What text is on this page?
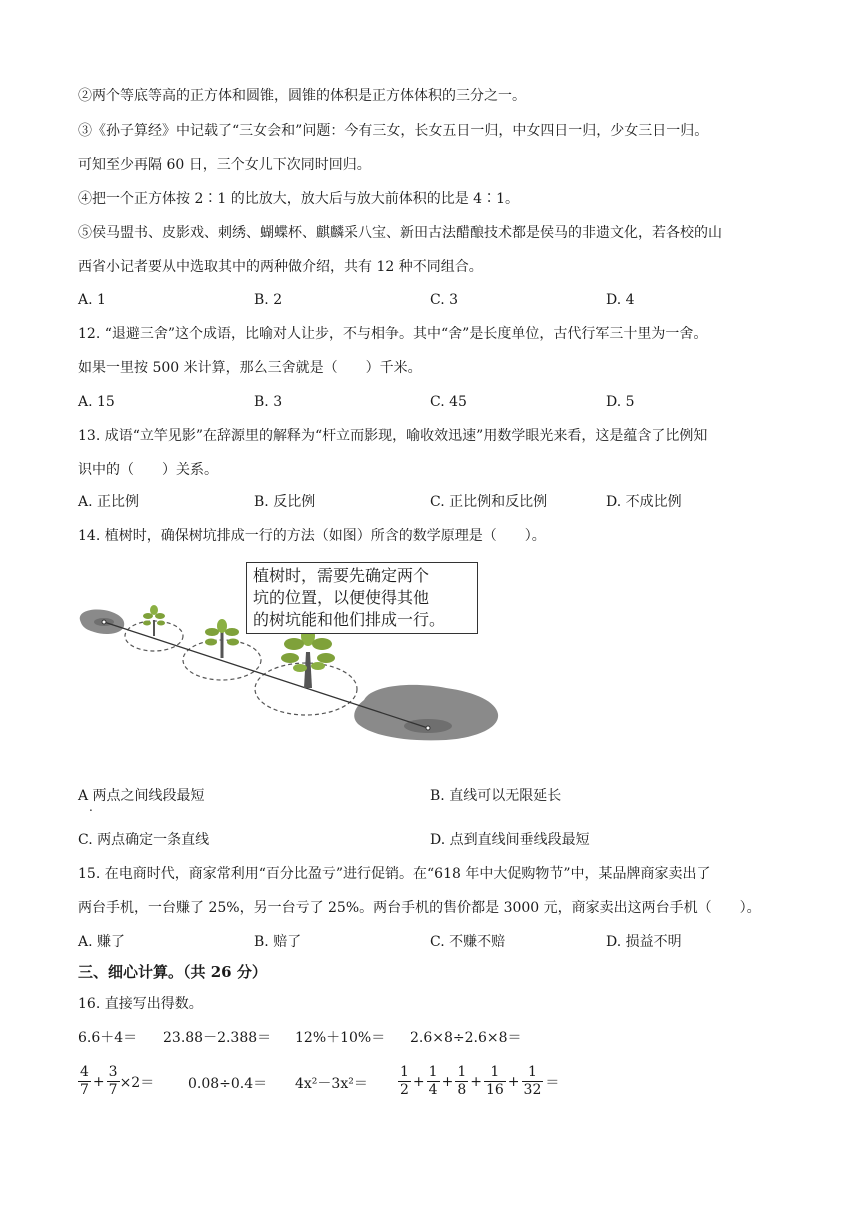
②两个等底等高的正方体和圆锥，圆锥的体积是正方体体积的三分之一。
③《孙子算经》中记载了“三女会和”问题：今有三女，长女五日一归，中女四日一归，少女三日一归。
可知至少再隔 60 日，三个女儿下次同时回归。
④把一个正方体按 2∶1 的比放大，放大后与放大前体积的比是 4∶1。
⑤侯马盟书、皮影戏、刺绣、蝴蝶杯、麒麟采八宝、新田古法醋酿技术都是侯马的非遗文化，若各校的山
西省小记者要从中选取其中的两种做介绍，共有 12 种不同组合。
A. 1	B. 2	C. 3	D. 4
12. “退避三舍”这个成语，比喻对人让步，不与相争。其中“舍”是长度单位，古代行军三十里为一舍。
如果一里按 500 米计算，那么三舍就是（　　）千米。
A. 15	B. 3	C. 45	D. 5
13. 成语“立竿见影”在辞源里的解释为“杆立而影现，喻收效迅速”用数学眼光来看，这是蕴含了比例知
识中的（　　）关系。
A. 正比例	B. 反比例	C. 正比例和反比例	D. 不成比例
14. 植树时，确保树坑排成一行的方法（如图）所含的数学原理是（　　）。
植树时，需要先确定两个
坑的位置，以便使得其他
的树坑能和他们排成一行。
A 两点之间线段最短
.
B. 直线可以无限延长
C. 两点确定一条直线	D. 点到直线间垂线段最短
15. 在电商时代，商家常利用“百分比盈亏”进行促销。在“618 年中大促购物节”中，某品牌商家卖出了
两台手机，一台赚了 25%，另一台亏了 25%。两台手机的售价都是 3000 元，商家卖出这两台手机（　　）。
A. 赚了	B. 赔了	C. 不赚不赔	D. 损益不明
三、细心计算。（共 26 分）
16. 直接写出得数。
6.6＋4＝ 23.88－2.388＝ 12%＋10%＝ 2.6×8÷2.6×8＝
$\frac{4}{7} + \frac{3}{7} \times 2= 0.08\div 0.4= 4x^2-3x^2= \frac{1}{2} + \frac{1}{4} + \frac{1}{8} + \frac{1}{16} + \frac{1}{32}$ ＝
